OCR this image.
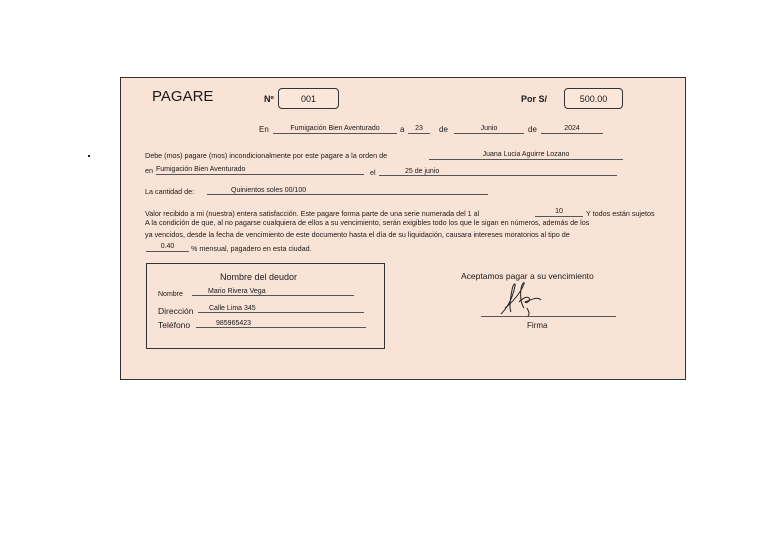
PAGARE	Nº	001	Por S/	500.00
En	Fumigación Bien Aventurado	a	23	de	Junio	de	2024
Debe (mos) pagare (mos) incondicionalmente por este pagare a la orden de	Juana Lucia Aguirre Lozano
en Fumigación Bien Aventurado	el	25 de junio
La cantidad de:	Quinientos soles 00/100
Valor recibido a mi (nuestra) entera satisfacción. Este pagare forma parte de una serie numerada del 1 al	10	Y todos están sujetos
A la condición de que, al no pagarse cualquiera de ellos a su vencimiento, serán exigibles todo los que le sigan en números, además de los
ya vencidos, desde la fecha de vencimiento de este documento hasta el día de su liquidación, causara intereses moratorios al tipo de
0.40	% mensual, pagadero en esta ciudad.
Nombre del deudor
Nombre	Mario Rivera Vega
Dirección	Calle Lima 345
Teléfono	985965423
Aceptamos pagar a su vencimiento
Firma
